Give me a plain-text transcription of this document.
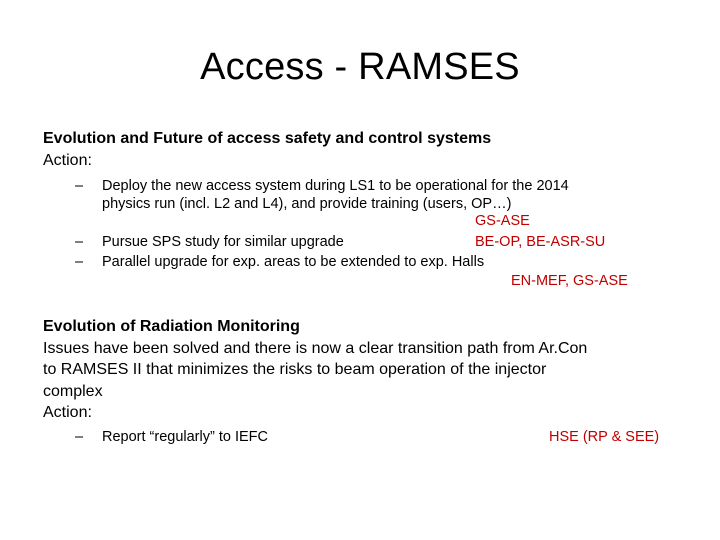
Access - RAMSES
Evolution and Future of access safety and control systems
Action:
– Deploy the new access system during LS1 to be operational for the 2014
physics run (incl. L2 and L4), and provide training (users, OP…)
GS-ASE
– Pursue SPS study for similar upgrade	BE-OP, BE-ASR-SU
– Parallel upgrade for exp. areas to be extended to exp. Halls
EN-MEF, GS-ASE
Evolution of Radiation Monitoring
Issues have been solved and there is now a clear transition path from Ar.Con
to RAMSES II that minimizes the risks to beam operation of the injector
complex
Action:
– Report “regularly” to IEFC	HSE (RP & SEE)
